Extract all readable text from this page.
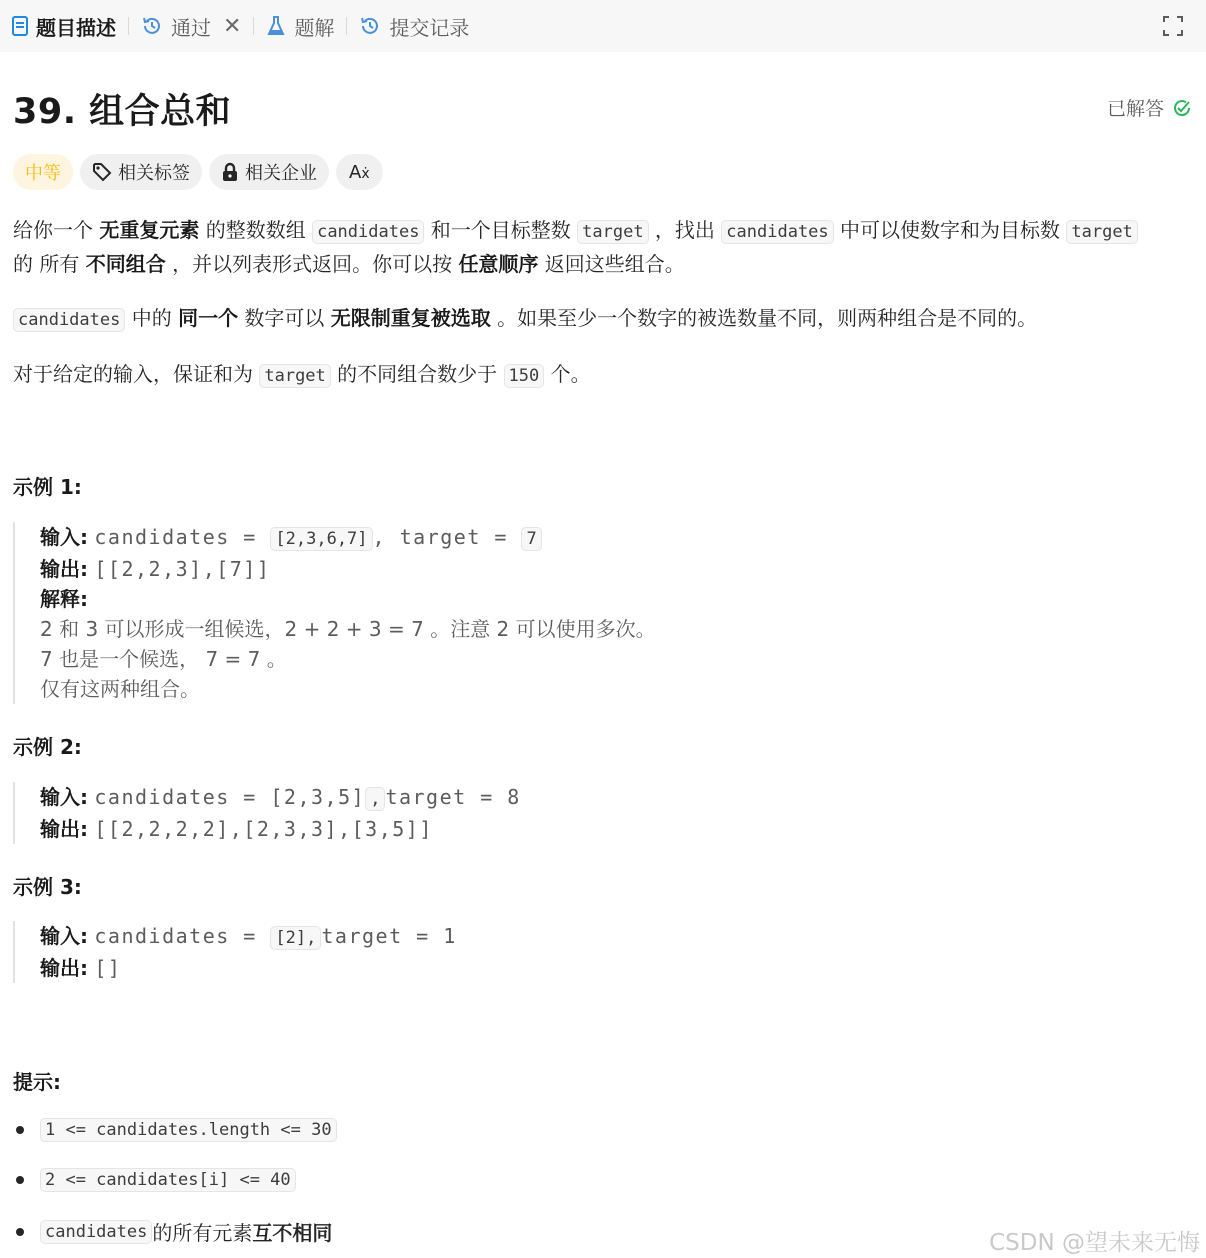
题目描述	通过 ✕	题解	提交记录
39. 组合总和	已解答
中等	相关标签	相关企业 Aẋ
给你一个 无重复元素 的整数数组 candidates 和一个目标整数 target ，找出 candidates 中可以使数字和为目标数 target
的 所有 不同组合 ，并以列表形式返回。你可以按 任意顺序 返回这些组合。
candidates 中的 同一个 数字可以 无限制重复被选取 。如果至少一个数字的被选数量不同，则两种组合是不同的。
对于给定的输入，保证和为 target 的不同组合数少于 150 个。
示例 1:
输入: candidates = [2,3,6,7] , target = 7
输出: [[2,2,3],[7]]
解释:
2 和 3 可以形成一组候选，2 + 2 + 3 = 7 。注意 2 可以使用多次。
7 也是一个候选， 7 = 7 。
仅有这两种组合。
示例 2:
输入: candidates = [2,3,5] , target = 8
输出: [[2,2,2,2],[2,3,3],[3,5]]
示例 3:
输入: candidates = [2], target = 1
输出: []
提示:
1 <= candidates.length <= 30
2 <= candidates[i] <= 40
candidates 的所有元素 互不相同	CSDN @望未来无悔
